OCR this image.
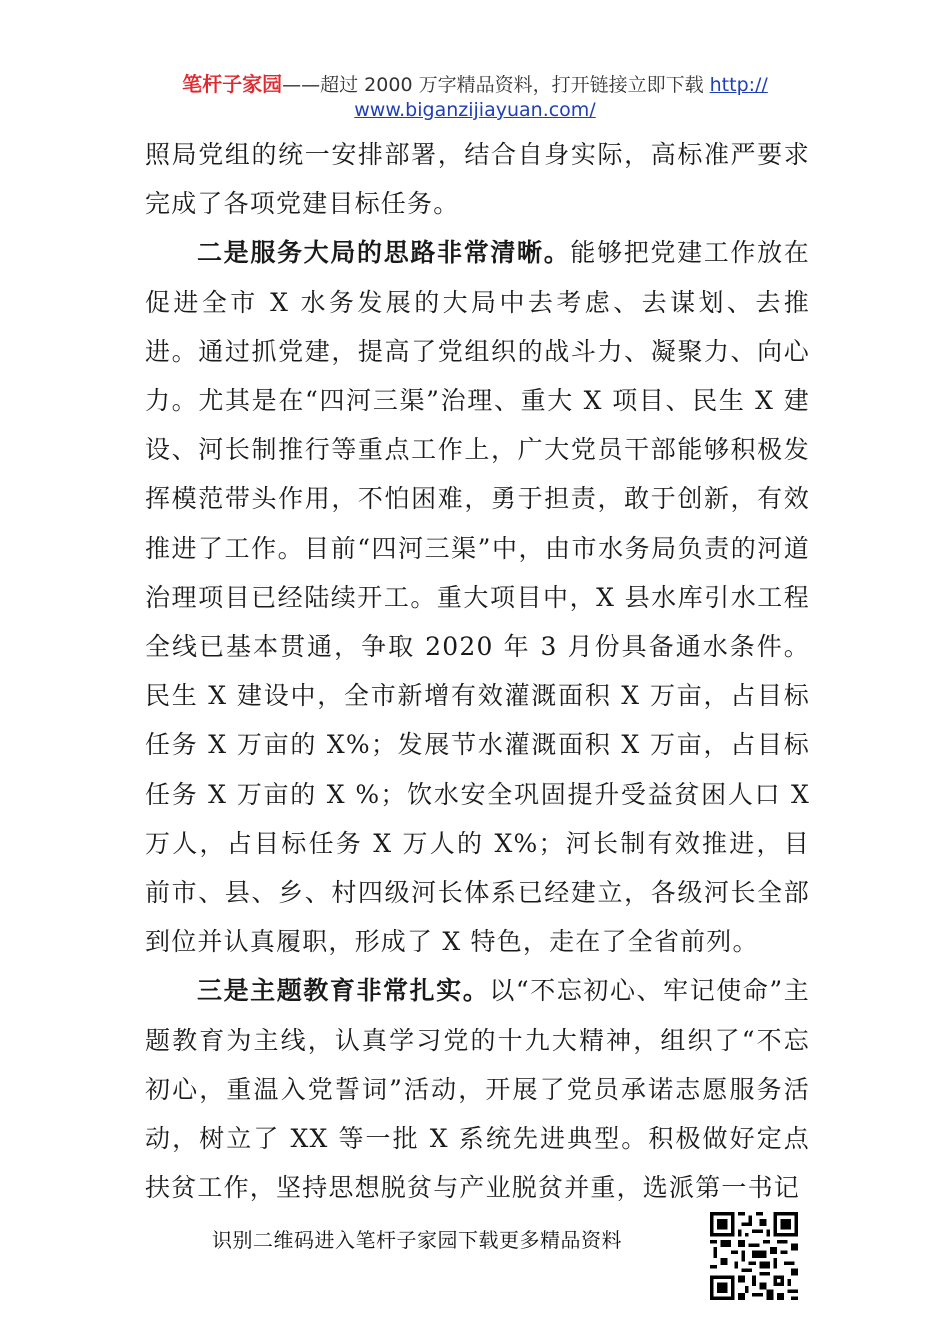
笔杆子家园——超过 2000 万字精品资料，打开链接立即下载 http://
www.biganzijiayuan.com/

照局党组的统一安排部署，结合自身实际，高标准严要求完成了各项党建目标任务。

二是服务大局的思路非常清晰。能够把党建工作放在促进全市 X 水务发展的大局中去考虑、去谋划、去推进。通过抓党建，提高了党组织的战斗力、凝聚力、向心力。尤其是在“四河三渠”治理、重大 X 项目、民生 X 建设、河长制推行等重点工作上，广大党员干部能够积极发挥模范带头作用，不怕困难，勇于担责，敢于创新，有效推进了工作。目前“四河三渠”中，由市水务局负责的河道治理项目已经陆续开工。重大项目中，X 县水库引水工程全线已基本贯通，争取 2020 年 3 月份具备通水条件。民生 X 建设中，全市新增有效灌溉面积 X 万亩，占目标任务 X 万亩的 X%；发展节水灌溉面积 X 万亩，占目标任务 X 万亩的 X %；饮水安全巩固提升受益贫困人口 X 万人，占目标任务 X 万人的 X%；河长制有效推进，目前市、县、乡、村四级河长体系已经建立，各级河长全部到位并认真履职，形成了 X 特色，走在了全省前列。

三是主题教育非常扎实。以“不忘初心、牢记使命”主题教育为主线，认真学习党的十九大精神，组织了“不忘初心，重温入党誓词”活动，开展了党员承诺志愿服务活动，树立了 XX 等一批 X 系统先进典型。积极做好定点扶贫工作，坚持思想脱贫与产业脱贫并重，选派第一书记

识别二维码进入笔杆子家园下载更多精品资料
